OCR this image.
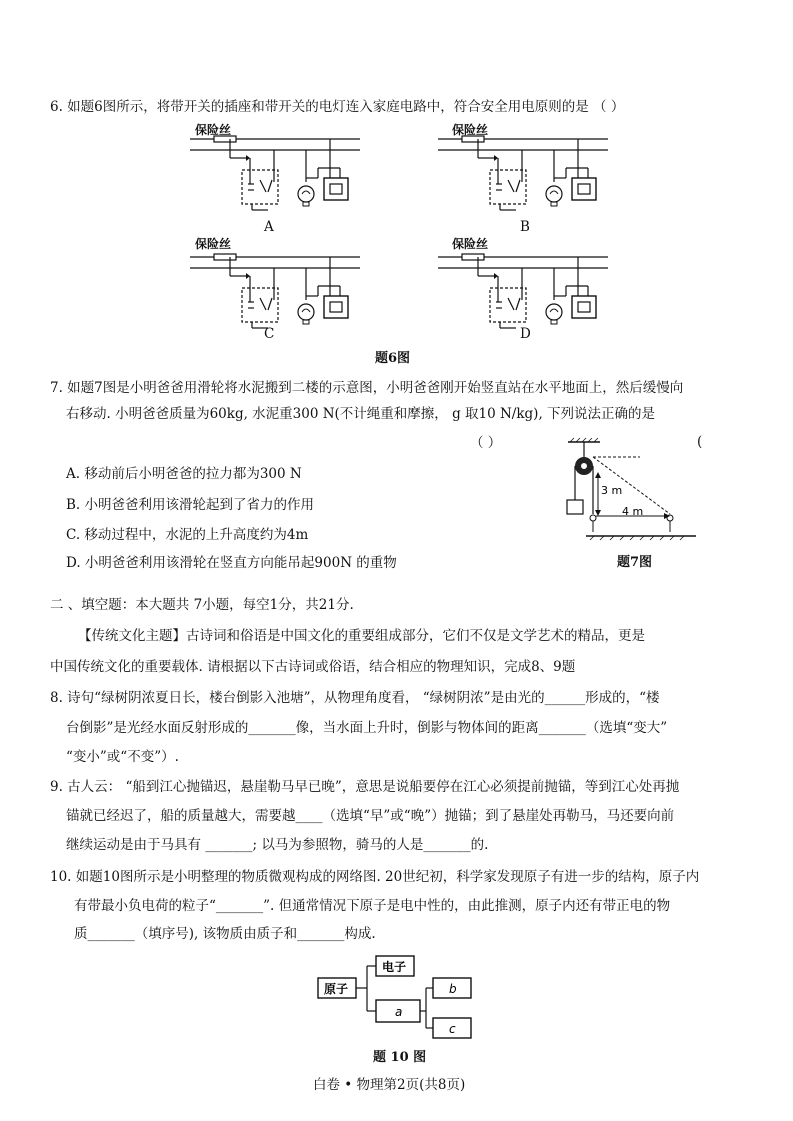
6. 如题6图所示，将带开关的插座和带开关的电灯连入家庭电路中，符合安全用电原则的是 （ ）
保险丝	保险丝
保险丝	保险丝
A	B
C	D
题6图
7. 如题7图是小明爸爸用滑轮将水泥搬到二楼的示意图，小明爸爸刚开始竖直站在水平地面上，然后缓慢向
右移动. 小明爸爸质量为60kg, 水泥重300 N(不计绳重和摩擦， g 取10 N/kg), 下列说法正确的是
（ ）	(
A. 移动前后小明爸爸的拉力都为300 N
B. 小明爸爸利用该滑轮起到了省力的作用
C. 移动过程中，水泥的上升高度约为4m
D. 小明爸爸利用该滑轮在竖直方向能吊起900N 的重物
3 m
4 m
题7图
二 、填空题：本大题共 7小题，每空1分，共21分.
【传统文化主题】古诗词和俗语是中国文化的重要组成部分，它们不仅是文学艺术的精品，更是
中国传统文化的重要载体. 请根据以下古诗词或俗语，结合相应的物理知识，完成8、9题
8. 诗句“绿树阴浓夏日长，楼台倒影入池塘”，从物理角度看， “绿树阴浓”是由光的______形成的，“楼
台倒影”是光经水面反射形成的_______像，当水面上升时，倒影与物体间的距离_______（选填“变大”
“变小”或“不变”）.
9. 古人云： “船到江心抛锚迟，悬崖勒马早已晚”，意思是说船要停在江心必须提前抛锚，等到江心处再抛
锚就已经迟了，船的质量越大，需要越____（选填“早”或“晚”）抛锚；到了悬崖处再勒马，马还要向前
继续运动是由于马具有 _______; 以马为参照物，骑马的人是_______的.
10. 如题10图所示是小明整理的物质微观构成的网络图. 20世纪初，科学家发现原子有进一步的结构，原子内
有带最小负电荷的粒子“_______”. 但通常情况下原子是电中性的，由此推测，原子内还有带正电的物
质_______（填序号), 该物质由质子和_______构成.
原子
电子
a
b
c
题 10 图
白卷 • 物理第2页(共8页)
